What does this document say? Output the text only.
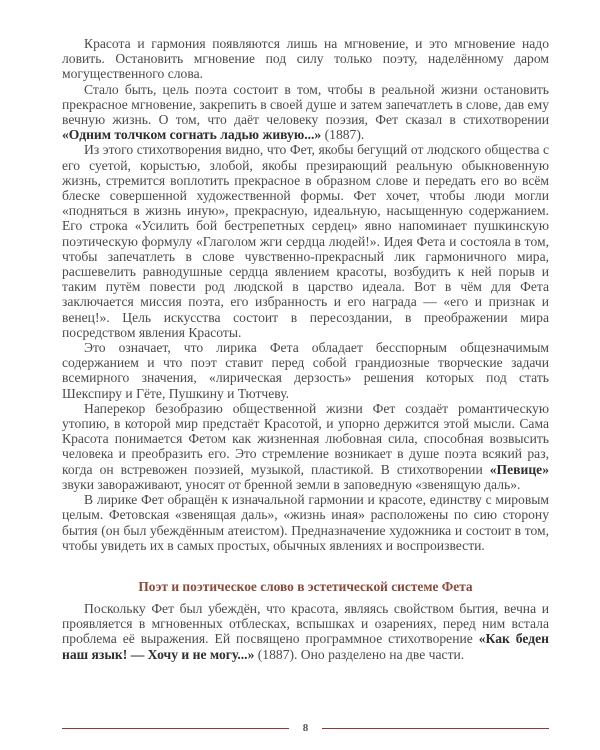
Красота и гармония появляются лишь на мгновение, и это мгновение надо ловить. Остановить мгновение под силу только поэту, наделённому даром могущественного слова.

Стало быть, цель поэта состоит в том, чтобы в реальной жизни остановить прекрасное мгновение, закрепить в своей душе и затем запечатлеть в слове, дав ему вечную жизнь. О том, что даёт человеку поэзия, Фет сказал в стихотворении «Одним толчком согнать ладью живую...» (1887).

Из этого стихотворения видно, что Фет, якобы бегущий от людского общества с его суетой, корыстью, злобой, якобы презирающий реальную обыкновенную жизнь, стремится воплотить прекрасное в образном слове и передать его во всём блеске совершенной художественной формы. Фет хочет, чтобы люди могли «подняться в жизнь иную», прекрасную, идеальную, насыщенную содержанием. Его строка «Усилить бой бестрепетных сердец» явно напоминает пушкинскую поэтическую формулу «Глаголом жги сердца людей!». Идея Фета и состояла в том, чтобы запечатлеть в слове чувственно-прекрасный лик гармоничного мира, расшевелить равнодушные сердца явлением красоты, возбудить к ней порыв и таким путём повести род людской в царство идеала. Вот в чём для Фета заключается миссия поэта, его избранность и его награда — «его и признак и венец!». Цель искусства состоит в пересоздании, в преображении мира посредством явления Красоты.

Это означает, что лирика Фета обладает бесспорным общезначимым содержанием и что поэт ставит перед собой грандиозные творческие задачи всемирного значения, «лирическая дерзость» решения которых под стать Шекспиру и Гёте, Пушкину и Тютчеву.

Наперекор безобразию общественной жизни Фет создаёт романтическую утопию, в которой мир предстаёт Красотой, и упорно держится этой мысли. Сама Красота понимается Фетом как жизненная любовная сила, способная возвысить человека и преобразить его. Это стремление возникает в душе поэта всякий раз, когда он встревожен поэзией, музыкой, пластикой. В стихотворении «Певице» звуки завораживают, уносят от бренной земли в заповедную «звенящую даль».

В лирике Фет обращён к изначальной гармонии и красоте, единству с мировым целым. Фетовская «звенящая даль», «жизнь иная» расположены по сию сторону бытия (он был убеждённым атеистом). Предназначение художника и состоит в том, чтобы увидеть их в самых простых, обычных явлениях и воспроизвести.

Поэт и поэтическое слово в эстетической системе Фета

Поскольку Фет был убеждён, что красота, являясь свойством бытия, вечна и проявляется в мгновенных отблесках, вспышках и озарениях, перед ним встала проблема её выражения. Ей посвящено программное стихотворение «Как беден наш язык! — Хочу и не могу...» (1887). Оно разделено на две части.

8
